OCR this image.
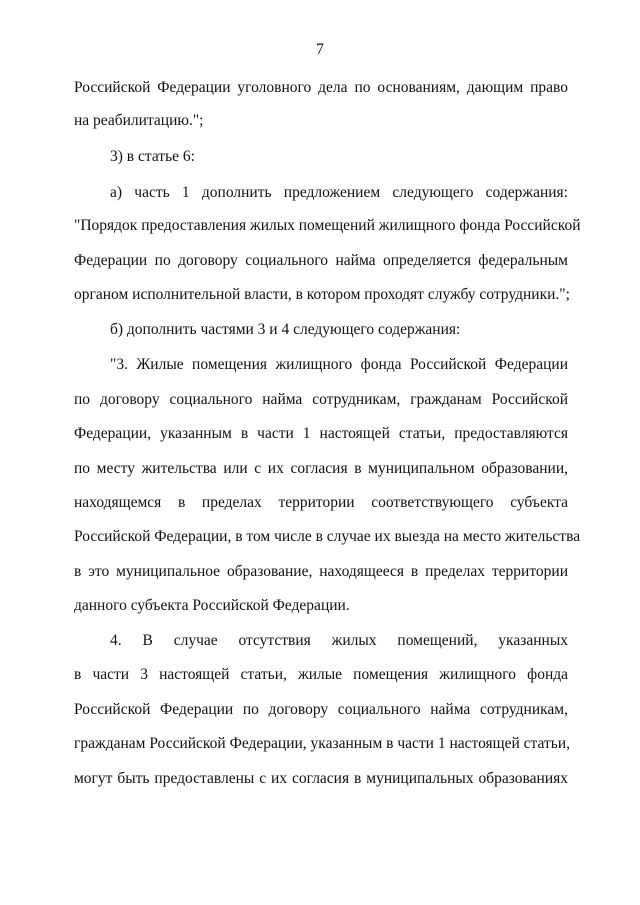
7
Российской Федерации уголовного дела по основаниям, дающим право
на реабилитацию.";
3) в статье 6:
а) часть 1 дополнить предложением следующего содержания:
"Порядок предоставления жилых помещений жилищного фонда Российской
Федерации по договору социального найма определяется федеральным
органом исполнительной власти, в котором проходят службу сотрудники.";
б) дополнить частями 3 и 4 следующего содержания:
"3. Жилые помещения жилищного фонда Российской Федерации
по договору социального найма сотрудникам, гражданам Российской
Федерации, указанным в части 1 настоящей статьи, предоставляются
по месту жительства или с их согласия в муниципальном образовании,
находящемся в пределах территории соответствующего субъекта
Российской Федерации, в том числе в случае их выезда на место жительства
в это муниципальное образование, находящееся в пределах территории
данного субъекта Российской Федерации.
4. В случае отсутствия жилых помещений, указанных
в части 3 настоящей статьи, жилые помещения жилищного фонда
Российской Федерации по договору социального найма сотрудникам,
гражданам Российской Федерации, указанным в части 1 настоящей статьи,
могут быть предоставлены с их согласия в муниципальных образованиях
